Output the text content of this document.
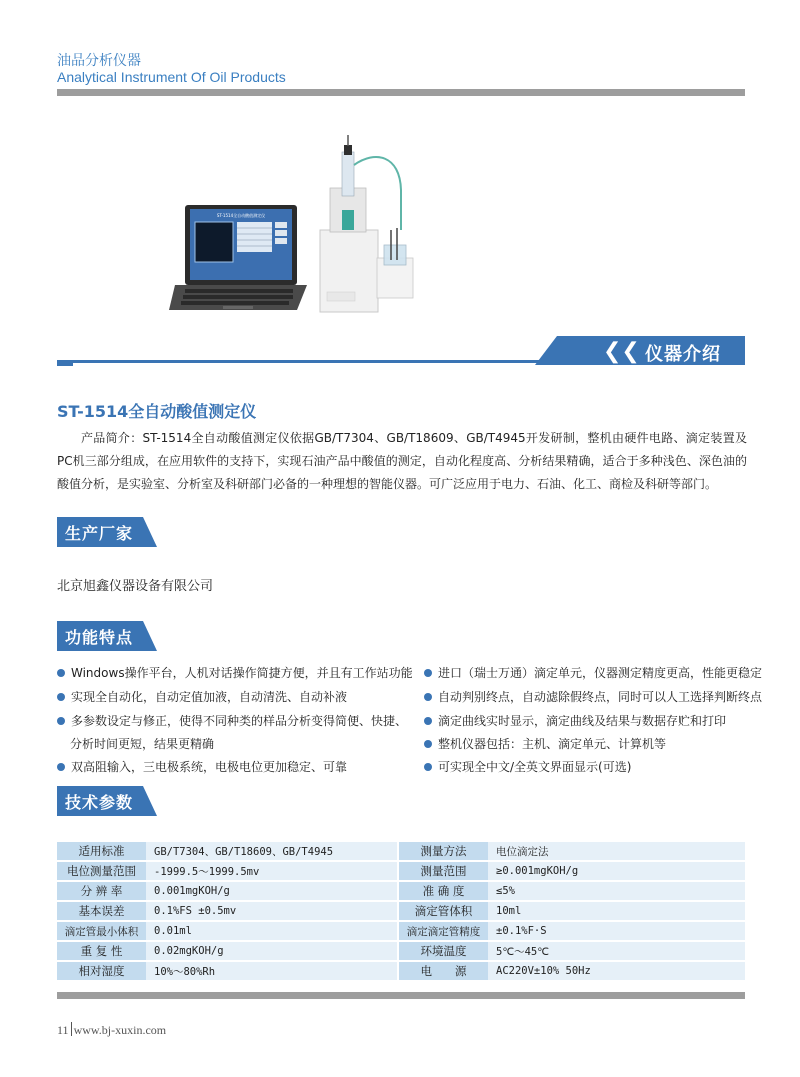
油品分析仪器
Analytical Instrument Of Oil Products
ST-1514全自动酸值测定仪
❮❮ 仪器介绍
ST-1514全自动酸值测定仪
产品简介：ST-1514全自动酸值测定仪依据GB/T7304、GB/T18609、GB/T4945开发研制，整机由硬件电路、滴定装置及PC机三部分组成，在应用软件的支持下，实现石油产品中酸值的测定，自动化程度高、分析结果精确，适合于多种浅色、深色油的酸值分析，是实验室、分析室及科研部门必备的一种理想的智能仪器。可广泛应用于电力、石油、化工、商检及科研等部门。
生产厂家
北京旭鑫仪器设备有限公司
功能特点
Windows操作平台，人机对话操作简捷方便，并且有工作站功能
实现全自动化，自动定值加液，自动清洗、自动补液
多参数设定与修正，使得不同种类的样品分析变得简便、快捷、
分析时间更短，结果更精确
双高阻输入，三电极系统，电极电位更加稳定、可靠
进口（瑞士万通）滴定单元，仪器测定精度更高，性能更稳定
自动判别终点，自动滤除假终点，同时可以人工选择判断终点
滴定曲线实时显示，滴定曲线及结果与数据存贮和打印
整机仪器包括：主机、滴定单元、计算机等
可实现全中文/全英文界面显示(可选)
技术参数
适用标准	GB/T7304、GB/T18609、GB/T4945		测量方法	电位滴定法
电位测量范围	-1999.5～1999.5mv		测量范围	≥0.001mgKOH/g
分 辨 率	0.001mgKOH/g		准 确 度	≤5%
基本误差	0.1%FS ±0.5mv		滴定管体积	10ml
滴定管最小体积	0.01ml		滴定滴定管精度	±0.1%F·S
重 复 性	0.02mgKOH/g		环境温度	5℃～45℃
相对湿度	10%～80%Rh		电　　源	AC220V±10% 50Hz
11 www.bj-xuxin.com
